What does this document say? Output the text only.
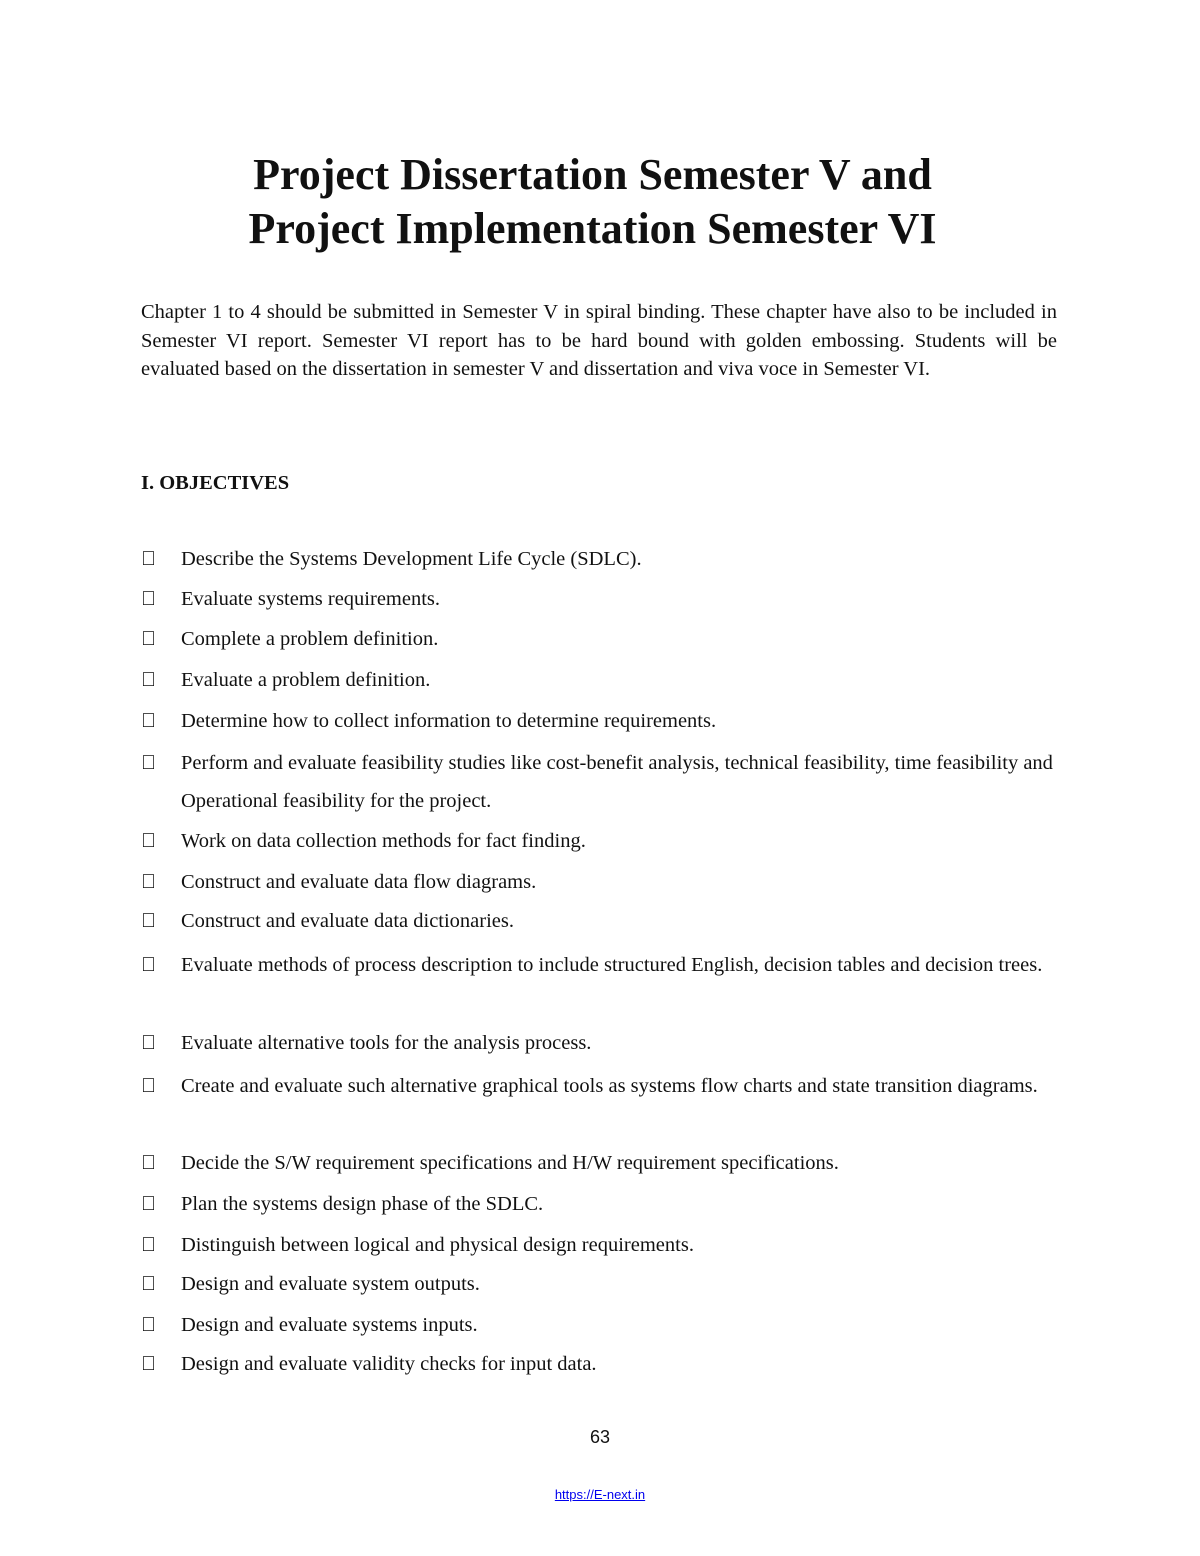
Project Dissertation Semester V and
Project Implementation Semester VI

Chapter 1 to 4 should be submitted in Semester V in spiral binding. These chapter have also to be included in Semester VI report. Semester VI report has to be hard bound with golden embossing. Students will be evaluated based on the dissertation in semester V and dissertation and viva voce in Semester VI.

I. OBJECTIVES
Describe the Systems Development Life Cycle (SDLC).
Evaluate systems requirements.
Complete a problem definition.
Evaluate a problem definition.
Determine how to collect information to determine requirements.
Perform and evaluate feasibility studies like cost-benefit analysis, technical feasibility, time feasibility and Operational feasibility for the project.
Work on data collection methods for fact finding.
Construct and evaluate data flow diagrams.
Construct and evaluate data dictionaries.
Evaluate methods of process description to include structured English, decision tables and decision trees.
Evaluate alternative tools for the analysis process.
Create and evaluate such alternative graphical tools as systems flow charts and state transition diagrams.
Decide the S/W requirement specifications and H/W requirement specifications.
Plan the systems design phase of the SDLC.
Distinguish between logical and physical design requirements.
Design and evaluate system outputs.
Design and evaluate systems inputs.
Design and evaluate validity checks for input data.
63
https://E-next.in
